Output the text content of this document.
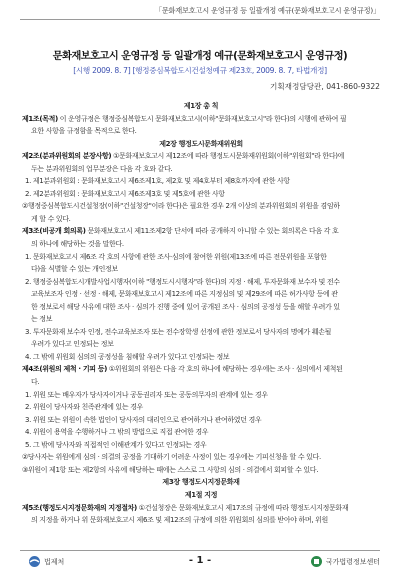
「문화재보호고시 운영규정 등 일괄개정 예규(문화재보호고시 운영규정)」
문화재보호고시 운영규정 등 일괄개정 예규(문화재보호고시 운영규정)
[시행 2009. 8. 7] [행정중심복합도시건설청예규 제23호, 2009. 8. 7, 타법개정]
기획재정담당관, 041-860-9322

제1장 총 칙

제1조(목적) 이 운영규정은 행정중심복합도시 문화재보호고시(이하"문화재보호고시"라 한다)의 시행에 관하여 필

요한 사항을 규정함을 목적으로 한다.

제2장 행정도시문화재위원회

제2조(분과위원회의 분장사항) ①문화재보호고시 제12조에 따라 행정도시문화재위원회(이하"위원회"라 한다)에

두는 분과위원회의 업무분장은 다음 각 호와 같다.

1. 제1분과위원회 : 문화재보호고시 제6조제1호, 제2호 및 제4호부터 제8호까지에 관한 사항

2. 제2분과위원회 : 문화재보호고시 제6조제3호 및 제5호에 관한 사항

②행정중심복합도시건설청장(이하"건설청장"이라 한다)은 필요한 경우 2개 이상의 분과위원회의 위원을 겸임하

게 할 수 있다.

제3조(비공개 회의록) 문화재보호고시 제11조제2항 단서에 따라 공개하지 아니할 수 있는 회의록은 다음 각 호

의 하나에 해당하는 것을 말한다.

1. 문화재보호고시 제6조 각 호의 사항에 관한 조사·심의에 참여한 위원(제13조에 따른 전문위원을 포함한

다)을 식별할 수 있는 개인정보

2. 행정중심복합도시개발사업시행자(이하 "행정도시시행자"라 한다)의 지정 · 해제, 투자문화재 보수자 및 전수

교육보조자 인정 · 선정 · 해제, 문화재보호고시 제12조에 따른 지정심의 및 제29조에 따른 허가사항 등에 관

한 정보로서 해당 사유에 대한 조사 · 심의가 진행 중에 있어 공개된 조사 · 심의의 공정성 등을 해할 우려가 있

는 정보

3. 투자문화재 보수자 인정, 전수교육보조자 또는 전수장학생 선정에 관한 정보로서 당사자의 명예가 훼손될

우려가 있다고 인정되는 정보

4. 그 밖에 위원회 심의의 공정성을 침해할 우려가 있다고 인정되는 정보

제4조(위원의 제척 · 기피 등) ①위원회의 위원은 다음 각 호의 하나에 해당하는 경우에는 조사 · 심의에서 제척된

다.

1. 위원 또는 배우자가 당사자이거나 공동권리자 또는 공동의무자의 관계에 있는 경우

2. 위원이 당사자와 친족관계에 있는 경우

3. 위원 또는 위원이 속한 법인이 당사자의 대리인으로 관여하거나 관여하였던 경우

4. 위원이 용역을 수행하거나 그 밖의 방법으로 직접 관여한 경우

5. 그 밖에 당사자와 직접적인 이해관계가 있다고 인정되는 경우

②당사자는 위원에게 심의 · 의결의 공정을 기대하기 어려운 사정이 있는 경우에는 기피신청을 할 수 있다.

③위원이 제1항 또는 제2항의 사유에 해당하는 때에는 스스로 그 사항의 심의 · 의결에서 회피할 수 있다.

제3장 행정도시지정문화재

제1절 지정

제5조(행정도시지정문화재의 지정절차) ①건설청장은 문화재보호고시 제17조의 규정에 따라 행정도시지정문화재

의 지정을 하거나 위 문화재보호고시 제6조 및 제12조의 규정에 의한 위원회의 심의를 받아야 하며, 위원

법제처	- 1 -	국가법령정보센터
